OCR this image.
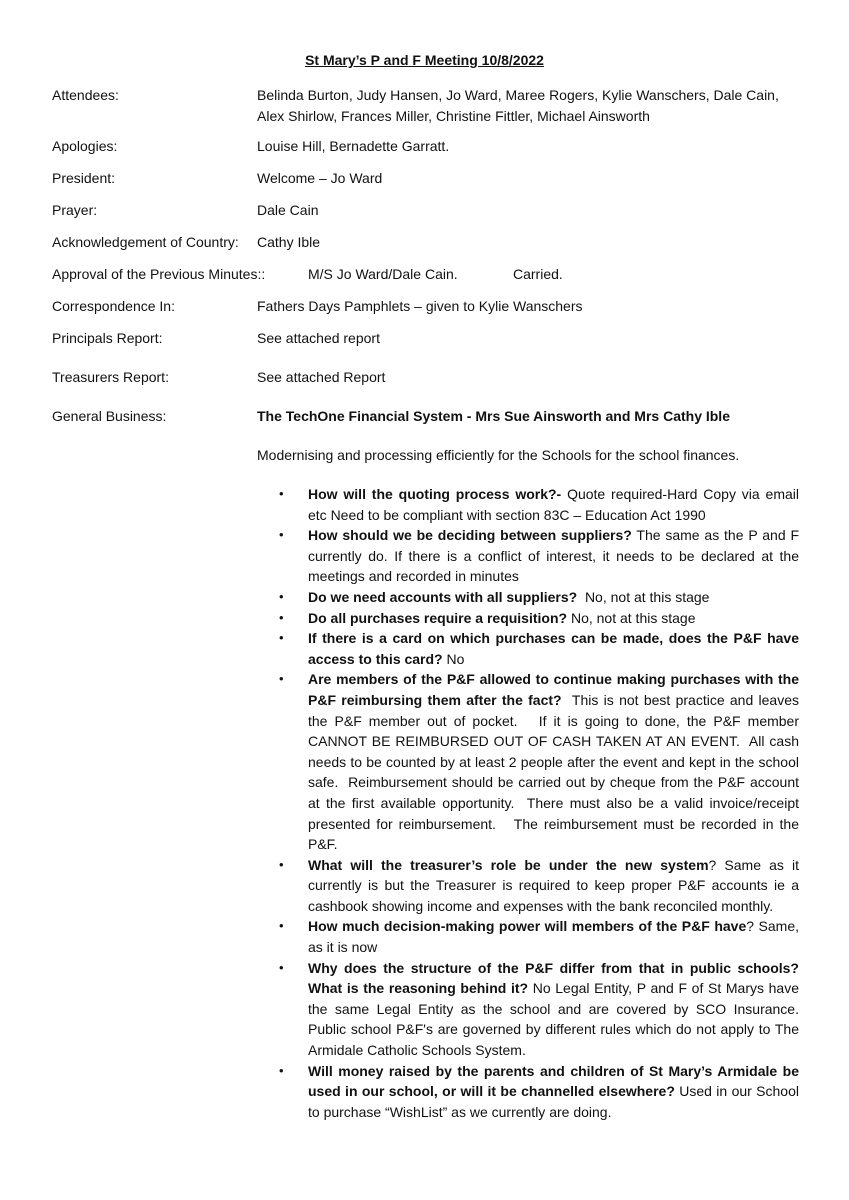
St Mary’s P and F Meeting 10/8/2022
Attendees:	Belinda Burton, Judy Hansen, Jo Ward, Maree Rogers, Kylie Wanschers, Dale Cain,
Alex Shirlow, Frances Miller, Christine Fittler, Michael Ainsworth
Apologies:	Louise Hill, Bernadette Garratt.
President:	Welcome – Jo Ward
Prayer:	Dale Cain
Acknowledgement of Country:	Cathy Ible
Approval of the Previous Minutes::	M/S Jo Ward/Dale Cain.	Carried.
Correspondence In:	Fathers Days Pamphlets – given to Kylie Wanschers
Principals Report:	See attached report
Treasurers Report:	See attached Report
General Business:	The TechOne Financial System - Mrs Sue Ainsworth and Mrs Cathy Ible
Modernising and processing efficiently for the Schools for the school finances.
• How will the quoting process work?- Quote required-Hard Copy via email etc Need to be compliant with section 83C – Education Act 1990
• How should we be deciding between suppliers? The same as the P and F currently do. If there is a conflict of interest, it needs to be declared at the meetings and recorded in minutes
• Do we need accounts with all suppliers?  No, not at this stage
• Do all purchases require a requisition? No, not at this stage
• If there is a card on which purchases can be made, does the P&F have access to this card? No
• Are members of the P&F allowed to continue making purchases with the P&F reimbursing them after the fact?  This is not best practice and leaves the P&F member out of pocket.   If it is going to done, the P&F member CANNOT BE REIMBURSED OUT OF CASH TAKEN AT AN EVENT.  All cash needs to be counted by at least 2 people after the event and kept in the school safe.  Reimbursement should be carried out by cheque from the P&F account at the first available opportunity.  There must also be a valid invoice/receipt presented for reimbursement.   The reimbursement must be recorded in the P&F.
• What will the treasurer’s role be under the new system? Same as it currently is but the Treasurer is required to keep proper P&F accounts ie a cashbook showing income and expenses with the bank reconciled monthly.
• How much decision-making power will members of the P&F have? Same, as it is now
• Why does the structure of the P&F differ from that in public schools? What is the reasoning behind it? No Legal Entity, P and F of St Marys have the same Legal Entity as the school and are covered by SCO Insurance.  Public school P&F's are governed by different rules which do not apply to The Armidale Catholic Schools System.
• Will money raised by the parents and children of St Mary’s Armidale be used in our school, or will it be channelled elsewhere? Used in our School to purchase “WishList” as we currently are doing.
